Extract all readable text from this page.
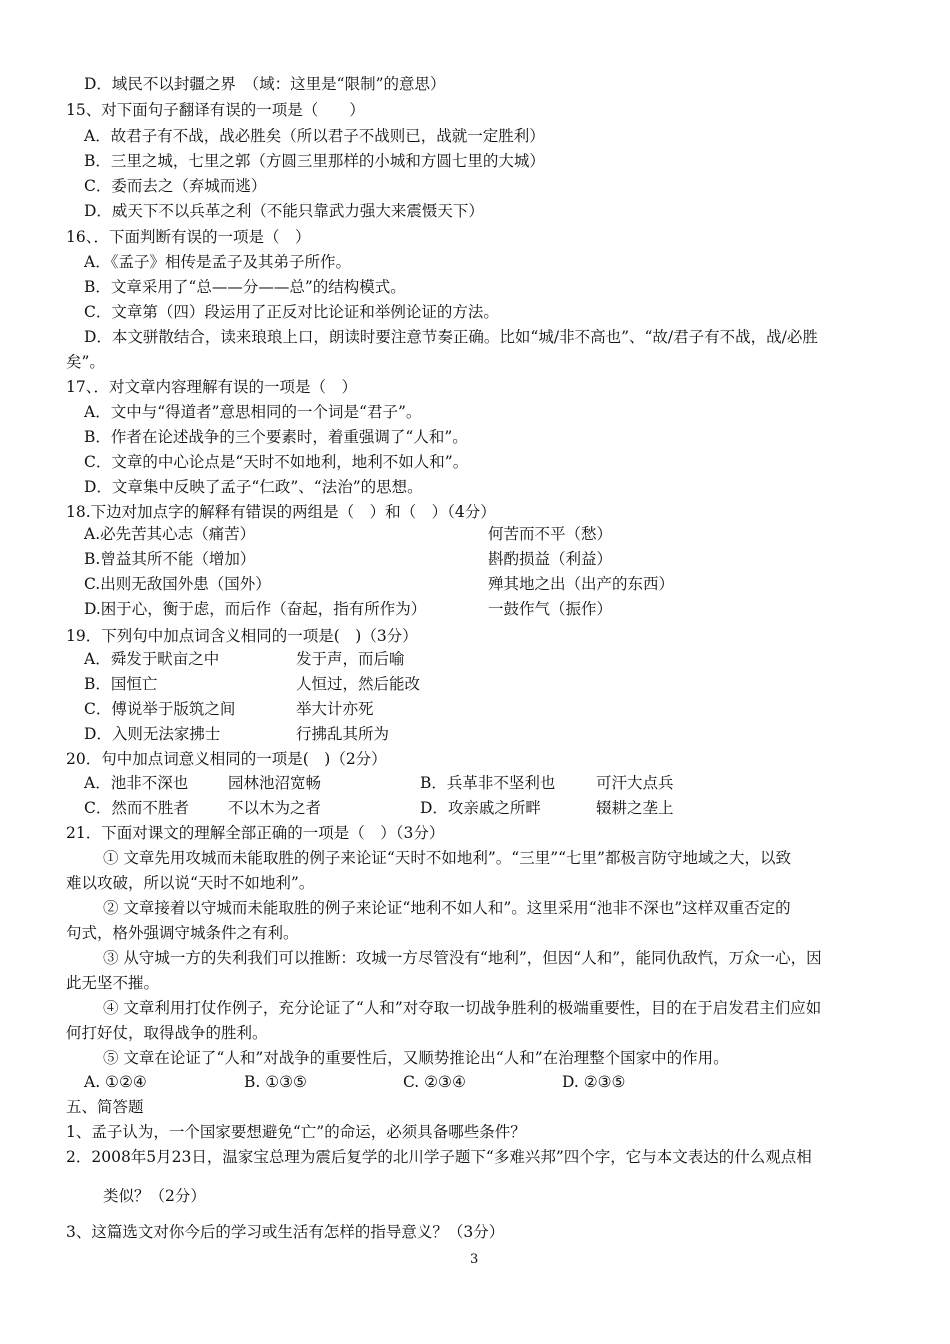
D．域民不以封疆之界　（域：这里是“限制”的意思）
15、对下面句子翻译有误的一项是（　　）
A．故君子有不战，战必胜矣（所以君子不战则已，战就一定胜利）
B．三里之城，七里之郭（方圆三里那样的小城和方圆七里的大城）
C．委而去之（弃城而逃）
D．威天下不以兵革之利（不能只靠武力强大来震慑天下）
16、．下面判断有误的一项是（　）
A．《孟子》相传是孟子及其弟子所作。
B．文章采用了“总——分——总”的结构模式。
C．文章第（四）段运用了正反对比论证和举例论证的方法。
D．本文骈散结合，读来琅琅上口，朗读时要注意节奏正确。比如“城/非不高也”、“故/君子有不战，战/必胜
矣”。
17、．对文章内容理解有误的一项是（　）
A．文中与“得道者”意思相同的一个词是“君子”。
B．作者在论述战争的三个要素时，着重强调了“人和”。
C．文章的中心论点是“天时不如地利，地利不如人和”。
D．文章集中反映了孟子“仁政”、“法治”的思想。
18.下边对加点字的解释有错误的两组是（　）和（　）（4分）
A.必先苦其心志（痛苦）	何苦而不平（愁）
B.曾益其所不能（增加）	斟酌损益（利益）
C.出则无敌国外患（国外）	殚其地之出（出产的东西）
D.困于心，衡于虑，而后作（奋起，指有所作为）	一鼓作气（振作）
19．下列句中加点词含义相同的一项是(　)（3分）
A．舜发于畎亩之中	发于声，而后喻
B．国恒亡	人恒过，然后能改
C．傅说举于版筑之间	举大计亦死
D．入则无法家拂士	行拂乱其所为
20．句中加点词意义相同的一项是(　)（2分）
A．池非不深也	园林池沼宽畅	B．兵革非不坚利也	可汗大点兵
C．然而不胜者	不以木为之者	D．攻亲戚之所畔	辍耕之垄上
21．下面对课文的理解全部正确的一项是（　）（3分）
① 文章先用攻城而未能取胜的例子来论证“天时不如地利”。“三里”“七里”都极言防守地域之大，以致
难以攻破，所以说“天时不如地利”。
② 文章接着以守城而未能取胜的例子来论证“地利不如人和”。这里采用“池非不深也”这样双重否定的
句式，格外强调守城条件之有利。
③ 从守城一方的失利我们可以推断：攻城一方尽管没有“地利”，但因“人和”，能同仇敌忾，万众一心，因
此无坚不摧。
④ 文章利用打仗作例子，充分论证了“人和”对夺取一切战争胜利的极端重要性，目的在于启发君主们应如
何打好仗，取得战争的胜利。
⑤ 文章在论证了“人和”对战争的重要性后，又顺势推论出“人和”在治理整个国家中的作用。
A. ①②④	B. ①③⑤	C. ②③④	D. ②③⑤
五、简答题
1、孟子认为，一个国家要想避免“亡”的命运，必须具备哪些条件？
2．2008年5月23日，温家宝总理为震后复学的北川学子题下“多难兴邦”四个字，它与本文表达的什么观点相
类似？（2分）
3、这篇选文对你今后的学习或生活有怎样的指导意义？（3分）
3
